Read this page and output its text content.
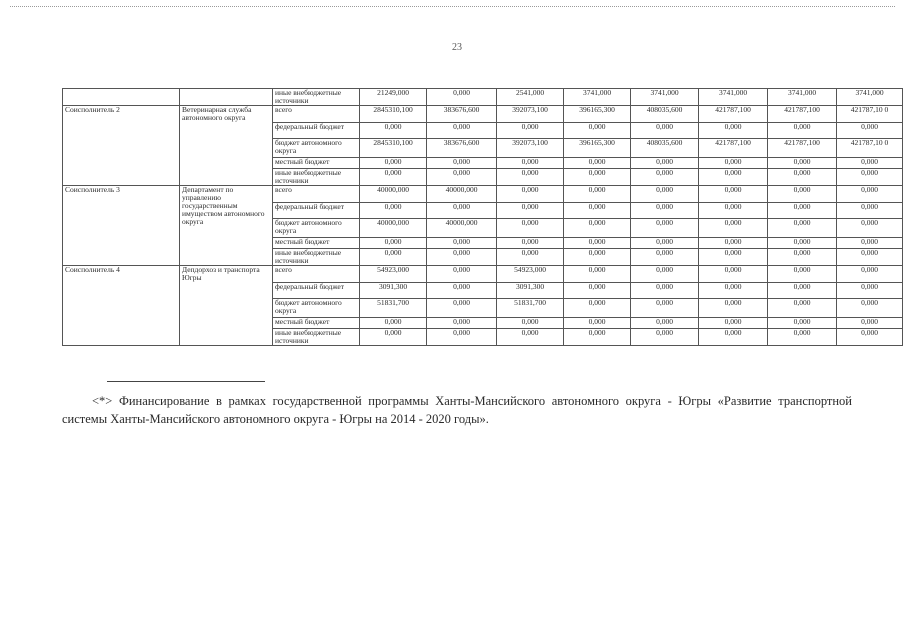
23
		иные внебюджетные источники	21249,000	0,000	2541,000	3741,000	3741,000	3741,000	3741,000	3741,000
Соисполнитель 2	Ветеринарная служба автономного округа	всего	2845310,100	383676,600	392073,100	396165,300	408035,600	421787,100	421787,100	421787,10 0
		федеральный бюджет	0,000	0,000	0,000	0,000	0,000	0,000	0,000	0,000
		бюджет автономного округа	2845310,100	383676,600	392073,100	396165,300	408035,600	421787,100	421787,100	421787,10 0
		местный бюджет	0,000	0,000	0,000	0,000	0,000	0,000	0,000	0,000
		иные внебюджетные источники	0,000	0,000	0,000	0,000	0,000	0,000	0,000	0,000
Соисполнитель 3	Департамент по управлению государственным имуществом автономного округа	всего	40000,000	40000,000	0,000	0,000	0,000	0,000	0,000	0,000
		федеральный бюджет	0,000	0,000	0,000	0,000	0,000	0,000	0,000	0,000
		бюджет автономного округа	40000,000	40000,000	0,000	0,000	0,000	0,000	0,000	0,000
		местный бюджет	0,000	0,000	0,000	0,000	0,000	0,000	0,000	0,000
		иные внебюджетные источники	0,000	0,000	0,000	0,000	0,000	0,000	0,000	0,000
Соисполнитель 4	Депдорхоз и транспорта Югры	всего	54923,000	0,000	54923,000	0,000	0,000	0,000	0,000	0,000
		федеральный бюджет	3091,300	0,000	3091,300	0,000	0,000	0,000	0,000	0,000
		бюджет автономного округа	51831,700	0,000	51831,700	0,000	0,000	0,000	0,000	0,000
		местный бюджет	0,000	0,000	0,000	0,000	0,000	0,000	0,000	0,000
		иные внебюджетные источники	0,000	0,000	0,000	0,000	0,000	0,000	0,000	0,000
<*> Финансирование в рамках государственной программы Ханты-Мансийского автономного округа - Югры «Развитие транспортной системы Ханты-Мансийского автономного округа - Югры на 2014 - 2020 годы».
